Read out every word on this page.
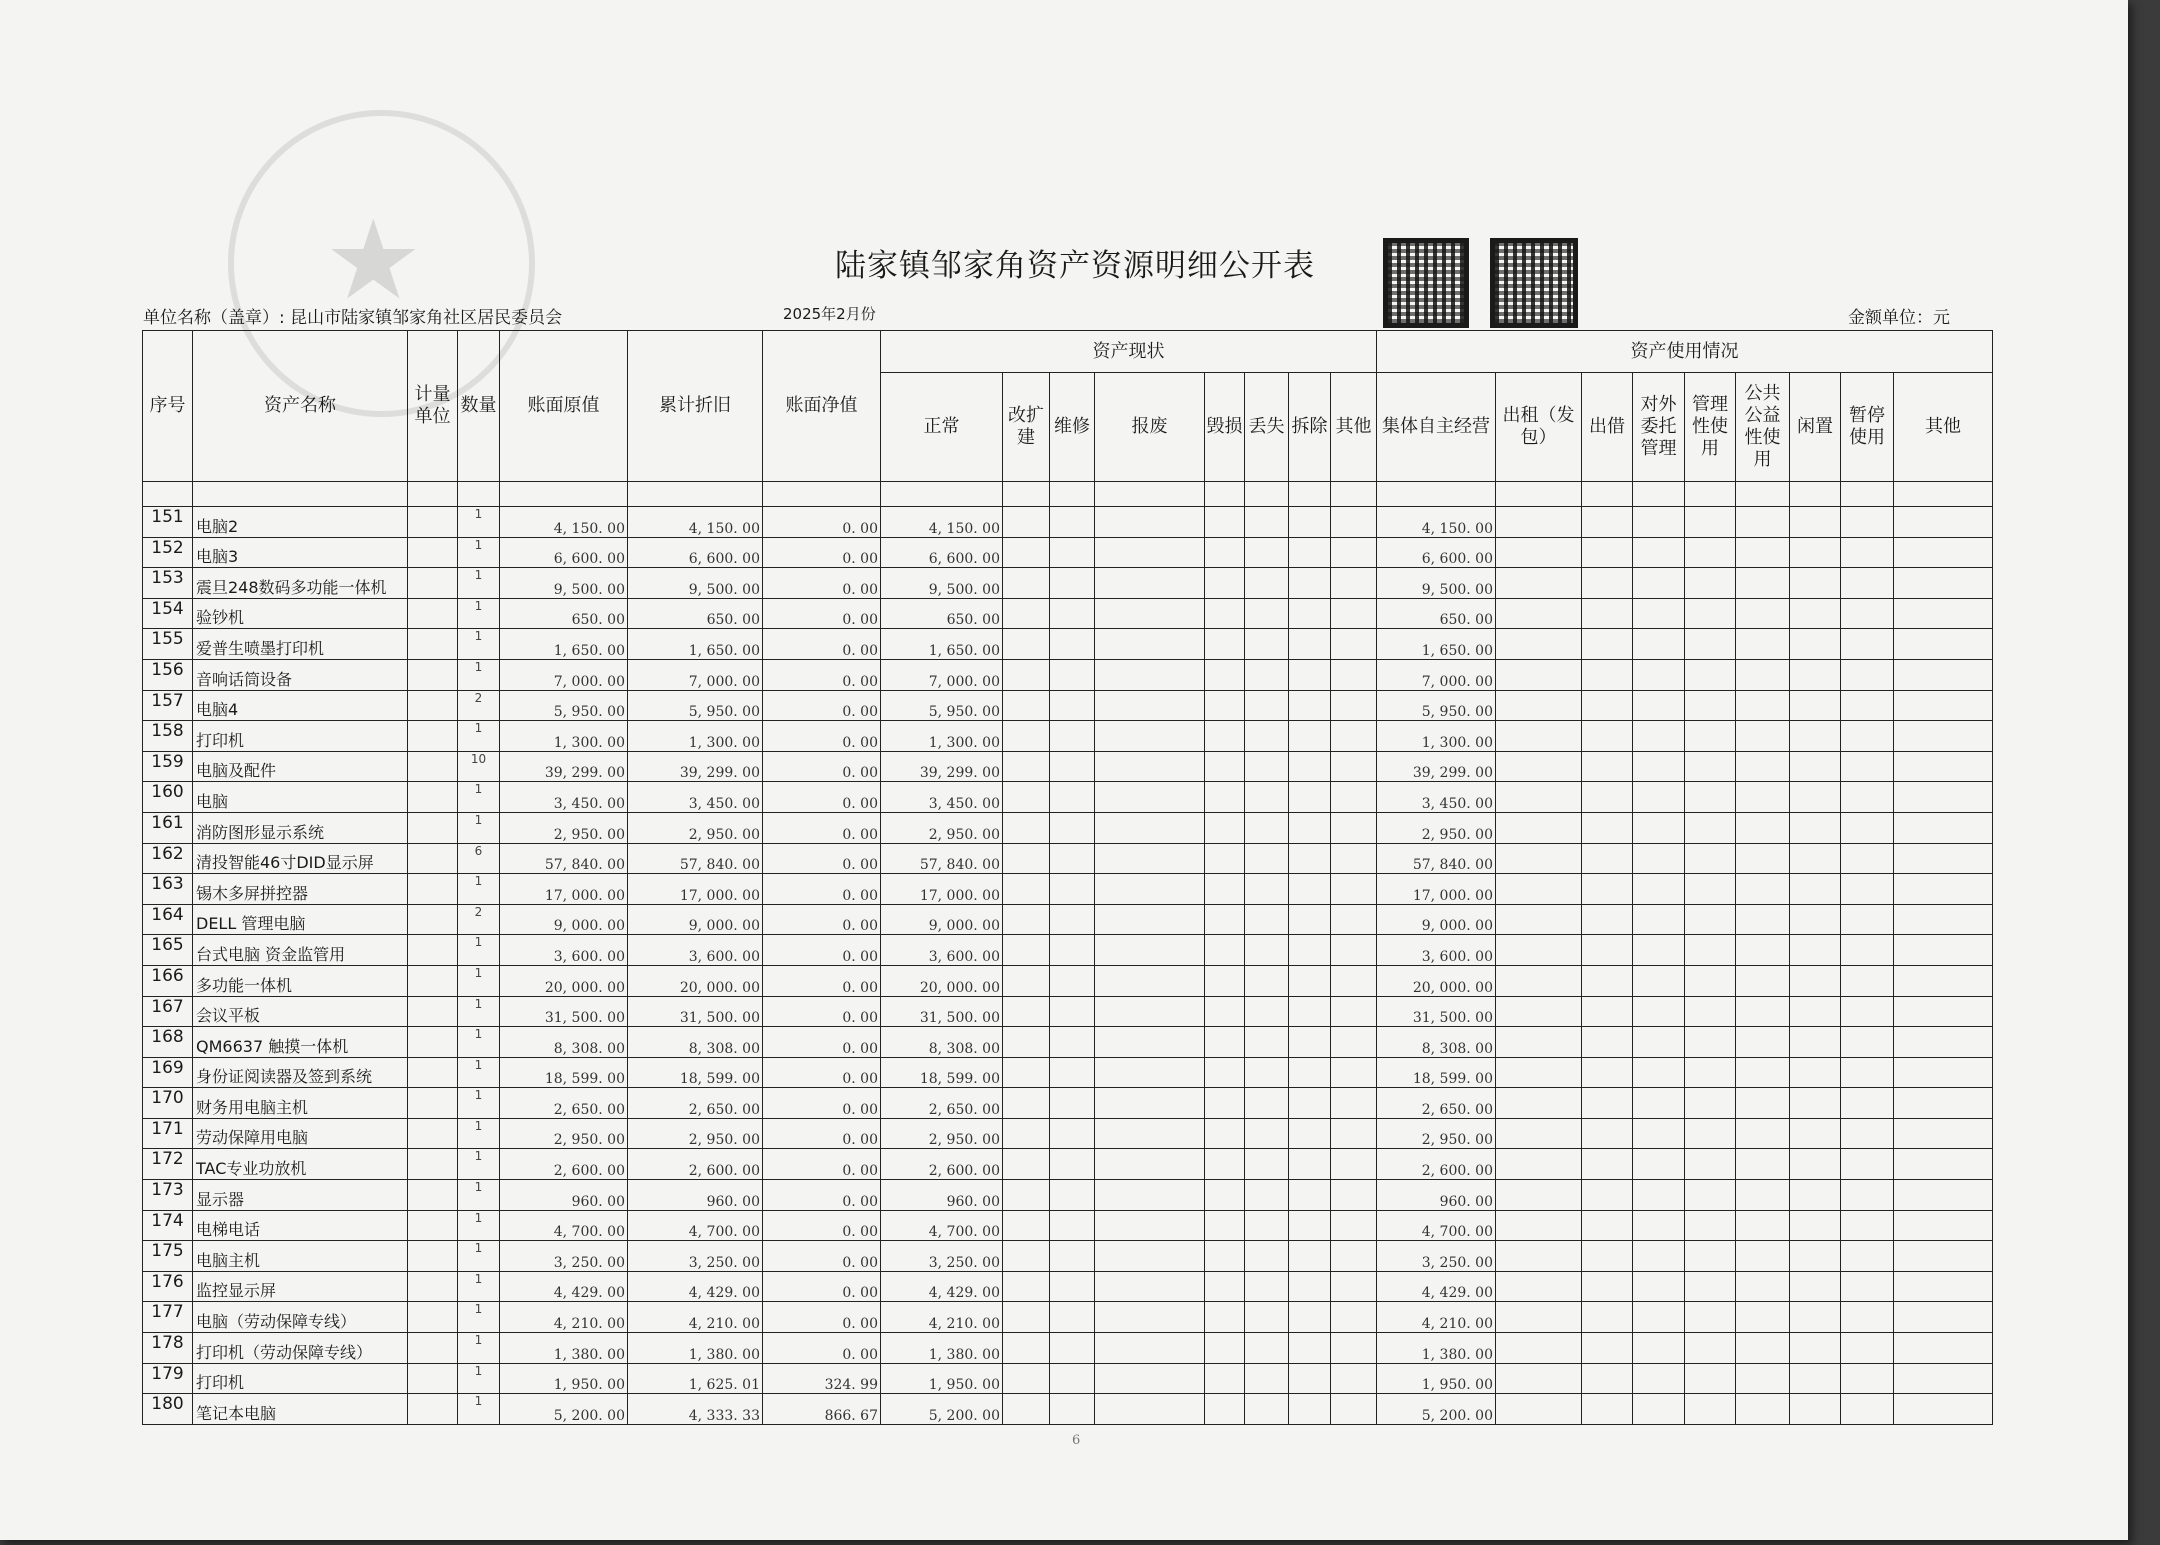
★	陆家镇邹家角资产资源明细公开表
单位名称（盖章）: 昆山市陆家镇邹家角社区居民委员会	2025年2月份	金额单位：元
序号	资产名称	计量单位	数量	账面原值	累计折旧	账面净值	资产现状								资产使用情况								
							正常	改扩建	维修	报废	毁损	丢失	拆除	其他	集体自主经营	出租（发包）	出借	对外委托管理	管理性使用	公共公益性使用	闲置	暂停使用	其他

151	电脑2		1	4, 150. 00	4, 150. 00	0. 00	4, 150. 00								4, 150. 00								
152	电脑3		1	6, 600. 00	6, 600. 00	0. 00	6, 600. 00								6, 600. 00								
153	震旦248数码多功能一体机		1	9, 500. 00	9, 500. 00	0. 00	9, 500. 00								9, 500. 00								
154	验钞机		1	650. 00	650. 00	0. 00	650. 00								650. 00								
155	爱普生喷墨打印机		1	1, 650. 00	1, 650. 00	0. 00	1, 650. 00								1, 650. 00								
156	音响话筒设备		1	7, 000. 00	7, 000. 00	0. 00	7, 000. 00								7, 000. 00								
157	电脑4		2	5, 950. 00	5, 950. 00	0. 00	5, 950. 00								5, 950. 00								
158	打印机		1	1, 300. 00	1, 300. 00	0. 00	1, 300. 00								1, 300. 00								
159	电脑及配件		10	39, 299. 00	39, 299. 00	0. 00	39, 299. 00								39, 299. 00								
160	电脑		1	3, 450. 00	3, 450. 00	0. 00	3, 450. 00								3, 450. 00								
161	消防图形显示系统		1	2, 950. 00	2, 950. 00	0. 00	2, 950. 00								2, 950. 00								
162	清投智能46寸DID显示屏		6	57, 840. 00	57, 840. 00	0. 00	57, 840. 00								57, 840. 00								
163	锡木多屏拼控器		1	17, 000. 00	17, 000. 00	0. 00	17, 000. 00								17, 000. 00								
164	DELL 管理电脑		2	9, 000. 00	9, 000. 00	0. 00	9, 000. 00								9, 000. 00								
165	台式电脑 资金监管用		1	3, 600. 00	3, 600. 00	0. 00	3, 600. 00								3, 600. 00								
166	多功能一体机		1	20, 000. 00	20, 000. 00	0. 00	20, 000. 00								20, 000. 00								
167	会议平板		1	31, 500. 00	31, 500. 00	0. 00	31, 500. 00								31, 500. 00								
168	QM6637 触摸一体机		1	8, 308. 00	8, 308. 00	0. 00	8, 308. 00								8, 308. 00								
169	身份证阅读器及签到系统		1	18, 599. 00	18, 599. 00	0. 00	18, 599. 00								18, 599. 00								
170	财务用电脑主机		1	2, 650. 00	2, 650. 00	0. 00	2, 650. 00								2, 650. 00								
171	劳动保障用电脑		1	2, 950. 00	2, 950. 00	0. 00	2, 950. 00								2, 950. 00								
172	TAC专业功放机		1	2, 600. 00	2, 600. 00	0. 00	2, 600. 00								2, 600. 00								
173	显示器		1	960. 00	960. 00	0. 00	960. 00								960. 00								
174	电梯电话		1	4, 700. 00	4, 700. 00	0. 00	4, 700. 00								4, 700. 00								
175	电脑主机		1	3, 250. 00	3, 250. 00	0. 00	3, 250. 00								3, 250. 00								
176	监控显示屏		1	4, 429. 00	4, 429. 00	0. 00	4, 429. 00								4, 429. 00								
177	电脑（劳动保障专线）		1	4, 210. 00	4, 210. 00	0. 00	4, 210. 00								4, 210. 00								
178	打印机（劳动保障专线）		1	1, 380. 00	1, 380. 00	0. 00	1, 380. 00								1, 380. 00								
179	打印机		1	1, 950. 00	1, 625. 01	324. 99	1, 950. 00								1, 950. 00								
180	笔记本电脑		1	5, 200. 00	4, 333. 33	866. 67	5, 200. 00								5, 200. 00								
6
